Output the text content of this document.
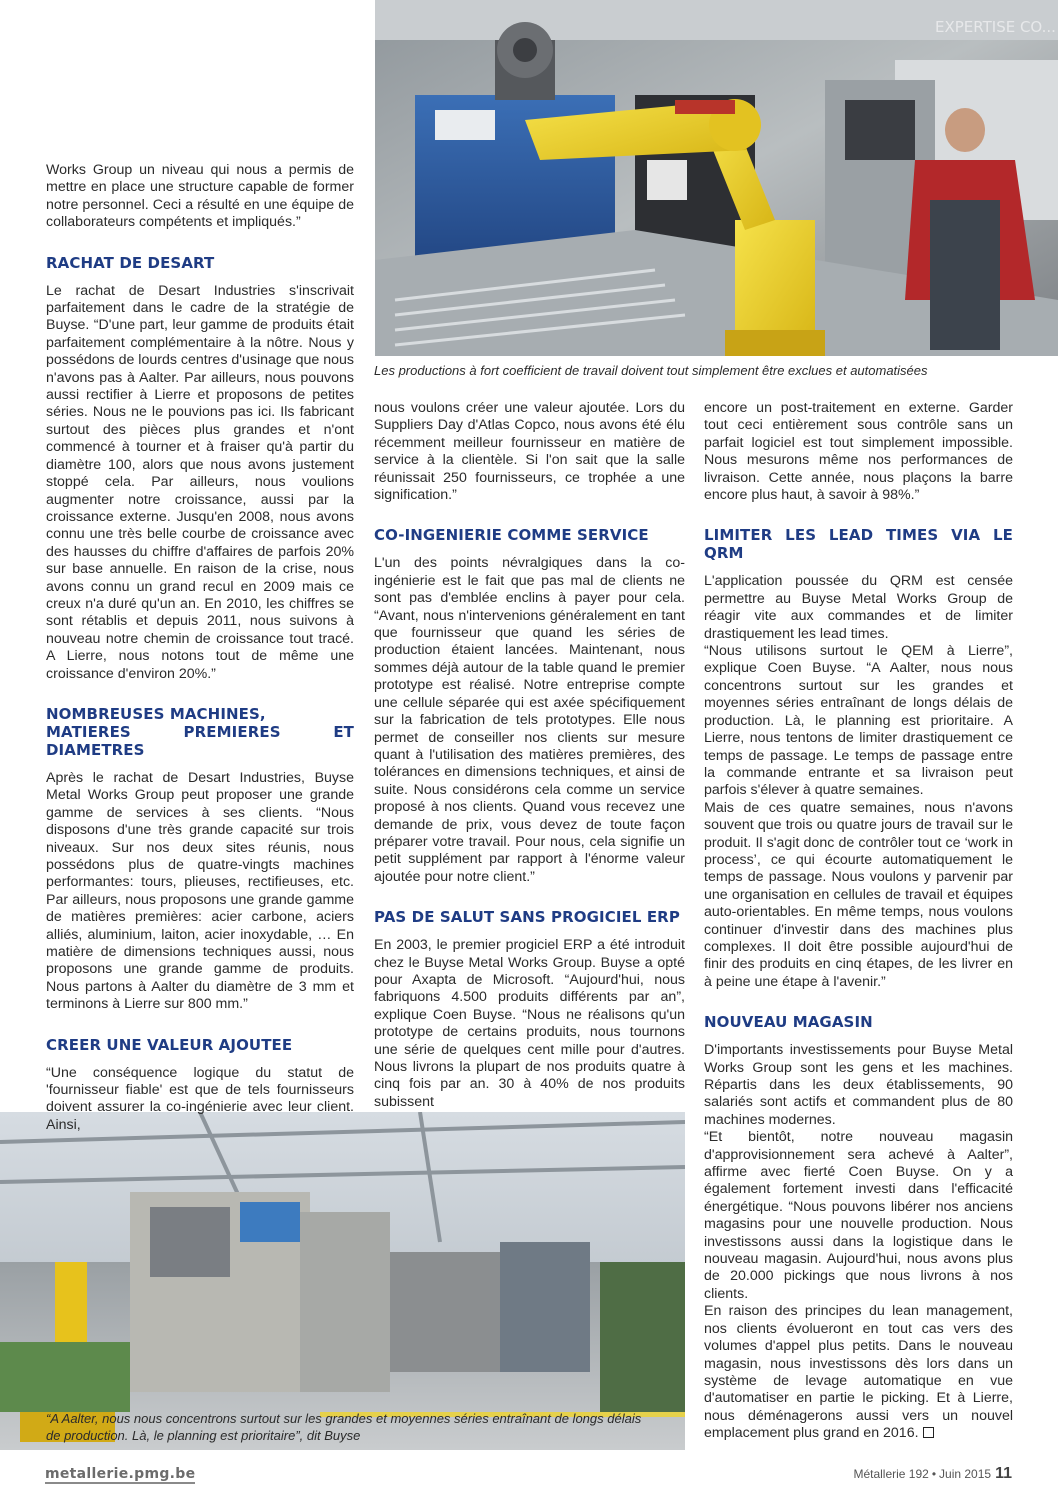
EXPERTISE CO...
Les productions à fort coefficient de travail doivent tout simplement être exclues et automatisées
“A Aalter, nous nous concentrons surtout sur les grandes et moyennes séries entraînant de longs délais
de production. Là, le planning est prioritaire”, dit Buyse

Works Group un niveau qui nous a permis de mettre en place une structure capable de former notre personnel. Ceci a résulté en une équipe de collaborateurs compétents et impliqués.”

RACHAT DE DESART

Le rachat de Desart Industries s'inscrivait parfaitement dans le cadre de la stratégie de Buyse. “D'une part, leur gamme de produits était parfaitement complémentaire à la nôtre. Nous y possédons de lourds centres d'usinage que nous n'avons pas à Aalter. Par ailleurs, nous pouvons aussi rectifier à Lierre et proposons de petites séries. Nous ne le pouvions pas ici. Ils fabricant surtout des pièces plus grandes et n'ont commencé à tourner et à fraiser qu'à partir du diamètre 100, alors que nous avons justement stoppé cela. Par ailleurs, nous voulions augmenter notre croissance, aussi par la croissance externe. Jusqu'en 2008, nous avons connu une très belle courbe de croissance avec des hausses du chiffre d'affaires de parfois 20% sur base annuelle. En raison de la crise, nous avons connu un grand recul en 2009 mais ce creux n'a duré qu'un an. En 2010, les chiffres se sont rétablis et depuis 2011, nous suivons à nouveau notre chemin de croissance tout tracé. A Lierre, nous notons tout de même une croissance d'environ 20%.”

NOMBREUSES MACHINES,
MATIERES PREMIERES ET DIAMETRES

Après le rachat de Desart Industries, Buyse Metal Works Group peut proposer une grande gamme de services à ses clients. “Nous disposons d'une très grande capacité sur trois niveaux. Sur nos deux sites réunis, nous possédons plus de quatre-vingts machines performantes: tours, plieuses, rectifieuses, etc. Par ailleurs, nous proposons une grande gamme de matières premières: acier carbone, aciers alliés, aluminium, laiton, acier inoxydable, … En matière de dimensions techniques aussi, nous proposons une grande gamme de produits. Nous partons à Aalter du diamètre de 3 mm et terminons à Lierre sur 800 mm.”

CREER UNE VALEUR AJOUTEE

“Une conséquence logique du statut de 'fournisseur fiable' est que de tels fournisseurs doivent assurer la co-ingénierie avec leur client. Ainsi,

nous voulons créer une valeur ajoutée. Lors du Suppliers Day d'Atlas Copco, nous avons été élu récemment meilleur fournisseur en matière de service à la clientèle. Si l'on sait que la salle réunissait 250 fournisseurs, ce trophée a une signification.”

CO-INGENIERIE COMME SERVICE

L'un des points névralgiques dans la co-ingénierie est le fait que pas mal de clients ne sont pas d'emblée enclins à payer pour cela. “Avant, nous n'intervenions généralement en tant que fournisseur que quand les séries de production étaient lancées. Maintenant, nous sommes déjà autour de la table quand le premier prototype est réalisé. Notre entreprise compte une cellule séparée qui est axée spécifiquement sur la fabrication de tels prototypes. Elle nous permet de conseiller nos clients sur mesure quant à l'utilisation des matières premières, des tolérances en dimensions techniques, et ainsi de suite. Nous considérons cela comme un service proposé à nos clients. Quand vous recevez une demande de prix, vous devez de toute façon préparer votre travail. Pour nous, cela signifie un petit supplément par rapport à l'énorme valeur ajoutée pour notre client.”

PAS DE SALUT SANS PROGICIEL ERP

En 2003, le premier progiciel ERP a été introduit chez le Buyse Metal Works Group. Buyse a opté pour Axapta de Microsoft. “Aujourd'hui, nous fabriquons 4.500 produits différents par an”, explique Coen Buyse. “Nous ne réalisons qu'un prototype de certains produits, nous tournons une série de quelques cent mille pour d'autres. Nous livrons la plupart de nos produits quatre à cinq fois par an. 30 à 40% de nos produits subissent

encore un post-traitement en externe. Garder tout ceci entièrement sous contrôle sans un parfait logiciel est tout simplement impossible. Nous mesurons même nos performances de livraison. Cette année, nous plaçons la barre encore plus haut, à savoir à 98%.”

LIMITER LES LEAD TIMES VIA LE QRM

L'application poussée du QRM est censée permettre au Buyse Metal Works Group de réagir vite aux commandes et de limiter drastiquement les lead times.

“Nous utilisons surtout le QEM à Lierre”, explique Coen Buyse. “A Aalter, nous nous concentrons surtout sur les grandes et moyennes séries entraînant de longs délais de production. Là, le planning est prioritaire. A Lierre, nous tentons de limiter drastiquement ce temps de passage. Le temps de passage entre la commande entrante et sa livraison peut parfois s'élever à quatre semaines.

Mais de ces quatre semaines, nous n'avons souvent que trois ou quatre jours de travail sur le produit. Il s'agit donc de contrôler tout ce ‘work in process’, ce qui écourte automatiquement le temps de passage. Nous voulons y parvenir par une organisation en cellules de travail et équipes auto-orientables. En même temps, nous voulons continuer d'investir dans des machines plus complexes. Il doit être possible aujourd'hui de finir des produits en cinq étapes, de les livrer en à peine une étape à l'avenir.”

NOUVEAU MAGASIN

D'importants investissements pour Buyse Metal Works Group sont les gens et les machines. Répartis dans les deux établissements, 90 salariés sont actifs et commandent plus de 80 machines modernes.

“Et bientôt, notre nouveau magasin d'approvisionnement sera achevé à Aalter”, affirme avec fierté Coen Buyse. On y a également fortement investi dans l'efficacité énergétique. “Nous pouvons libérer nos anciens magasins pour une nouvelle production. Nous investissons aussi dans la logistique dans le nouveau magasin. Aujourd'hui, nous avons plus de 20.000 pickings que nous livrons à nos clients.

En raison des principes du lean management, nos clients évolueront en tout cas vers des volumes d'appel plus petits. Dans le nouveau magasin, nous investissons dès lors dans un système de levage automatique en vue d'automatiser en partie le picking. Et à Lierre, nous déménagerons aussi vers un nouvel emplacement plus grand en 2016.

metallerie.pmg.be	Métallerie 192 • Juin 2015 11
